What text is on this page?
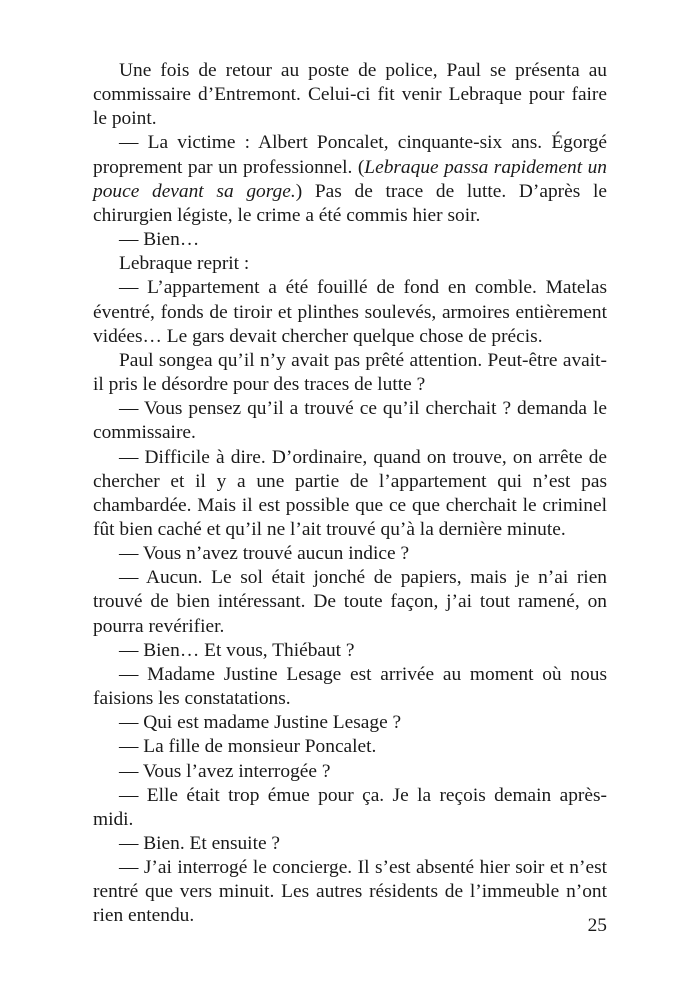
Une fois de retour au poste de police, Paul se présenta au commissaire d’Entremont. Celui-ci fit venir Lebraque pour faire le point.

— La victime : Albert Poncalet, cinquante-six ans. Égorgé proprement par un professionnel. (Lebraque passa rapidement un pouce devant sa gorge.) Pas de trace de lutte. D’après le chirurgien légiste, le crime a été commis hier soir.

— Bien…

Lebraque reprit :

— L’appartement a été fouillé de fond en comble. Matelas éventré, fonds de tiroir et plinthes soulevés, armoires entièrement vidées… Le gars devait chercher quelque chose de précis.

Paul songea qu’il n’y avait pas prêté attention. Peut-être avait-il pris le désordre pour des traces de lutte ?

— Vous pensez qu’il a trouvé ce qu’il cherchait ? demanda le commissaire.

— Difficile à dire. D’ordinaire, quand on trouve, on arrête de chercher et il y a une partie de l’appartement qui n’est pas chambardée. Mais il est possible que ce que cherchait le criminel fût bien caché et qu’il ne l’ait trouvé qu’à la dernière minute.

— Vous n’avez trouvé aucun indice ?

— Aucun. Le sol était jonché de papiers, mais je n’ai rien trouvé de bien intéressant. De toute façon, j’ai tout ramené, on pourra revérifier.

— Bien… Et vous, Thiébaut ?

— Madame Justine Lesage est arrivée au moment où nous faisions les constatations.

— Qui est madame Justine Lesage ?

— La fille de monsieur Poncalet.

— Vous l’avez interrogée ?

— Elle était trop émue pour ça. Je la reçois demain après-midi.

— Bien. Et ensuite ?

— J’ai interrogé le concierge. Il s’est absenté hier soir et n’est rentré que vers minuit. Les autres résidents de l’immeuble n’ont rien entendu.	25
